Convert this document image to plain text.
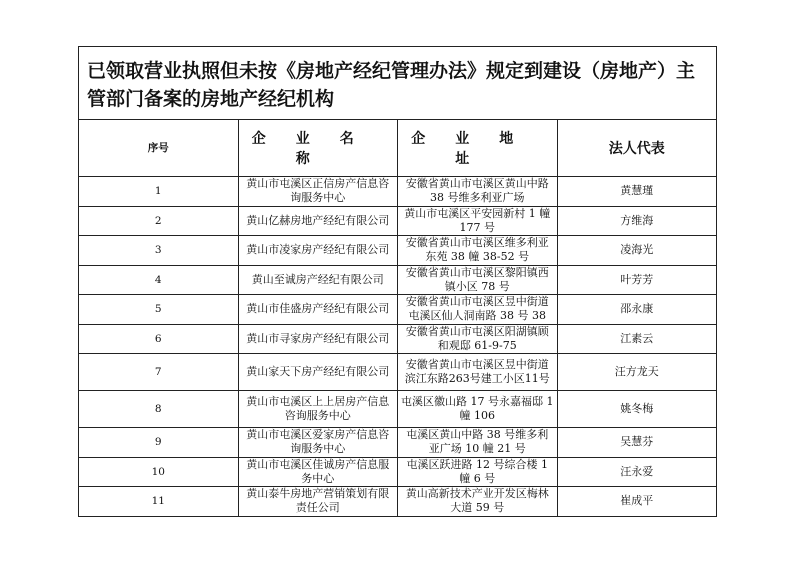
已领取营业执照但未按《房地产经纪管理办法》规定到建设（房地产）主管部门备案的房地产经纪机构			
序号	企业名称	企业地址	法人代表
1	黄山市屯溪区正信房产信息咨询服务中心	安徽省黄山市屯溪区黄山中路 38 号维多利亚广场	黄慧瑾
2	黄山亿赫房地产经纪有限公司	黄山市屯溪区平安园新村 1 幢 177 号	方维海
3	黄山市凌家房产经纪有限公司	安徽省黄山市屯溪区维多利亚东苑 38 幢 38-52 号	凌海光
4	黄山至诚房产经纪有限公司	安徽省黄山市屯溪区黎阳镇西镇小区 78 号	叶芳芳
5	黄山市佳盛房产经纪有限公司	安徽省黄山市屯溪区昱中街道屯溪区仙人洞南路 38 号 38	邵永康
6	黄山市寻家房产经纪有限公司	安徽省黄山市屯溪区阳湖镇顾和观邸 61-9-75	江素云
7	黄山家天下房产经纪有限公司	安徽省黄山市屯溪区昱中街道滨江东路263号建工小区11号	汪方龙天
8	黄山市屯溪区上上居房产信息咨询服务中心	屯溪区徽山路 17 号永嘉福邸 1 幢 106	姚冬梅
9	黄山市屯溪区爱家房产信息咨询服务中心	屯溪区黄山中路 38 号维多利亚广场 10 幢 21 号	吴慧芬
10	黄山市屯溪区佳诚房产信息服务中心	屯溪区跃进路 12 号综合楼 1 幢 6 号	汪永爱
11	黄山泰牛房地产营销策划有限责任公司	黄山高新技术产业开发区梅林大道 59 号	崔成平
